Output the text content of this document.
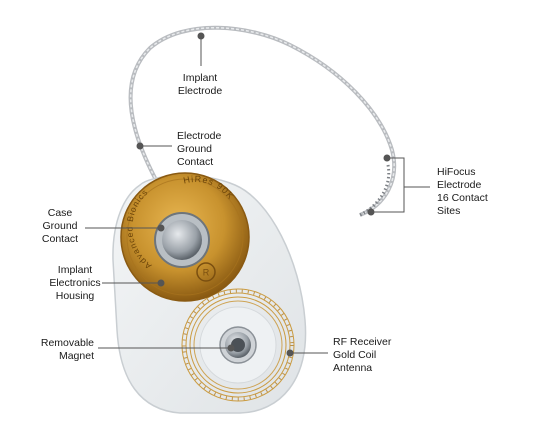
R
Advanced Bionics
HiRes 90K
Implant
Electrode
Electrode
Ground
Contact
HiFocus
Electrode
16 Contact
Sites
Case
Ground
Contact
Implant
Electronics
Housing
Removable
Magnet
RF Receiver
Gold Coil
Antenna
